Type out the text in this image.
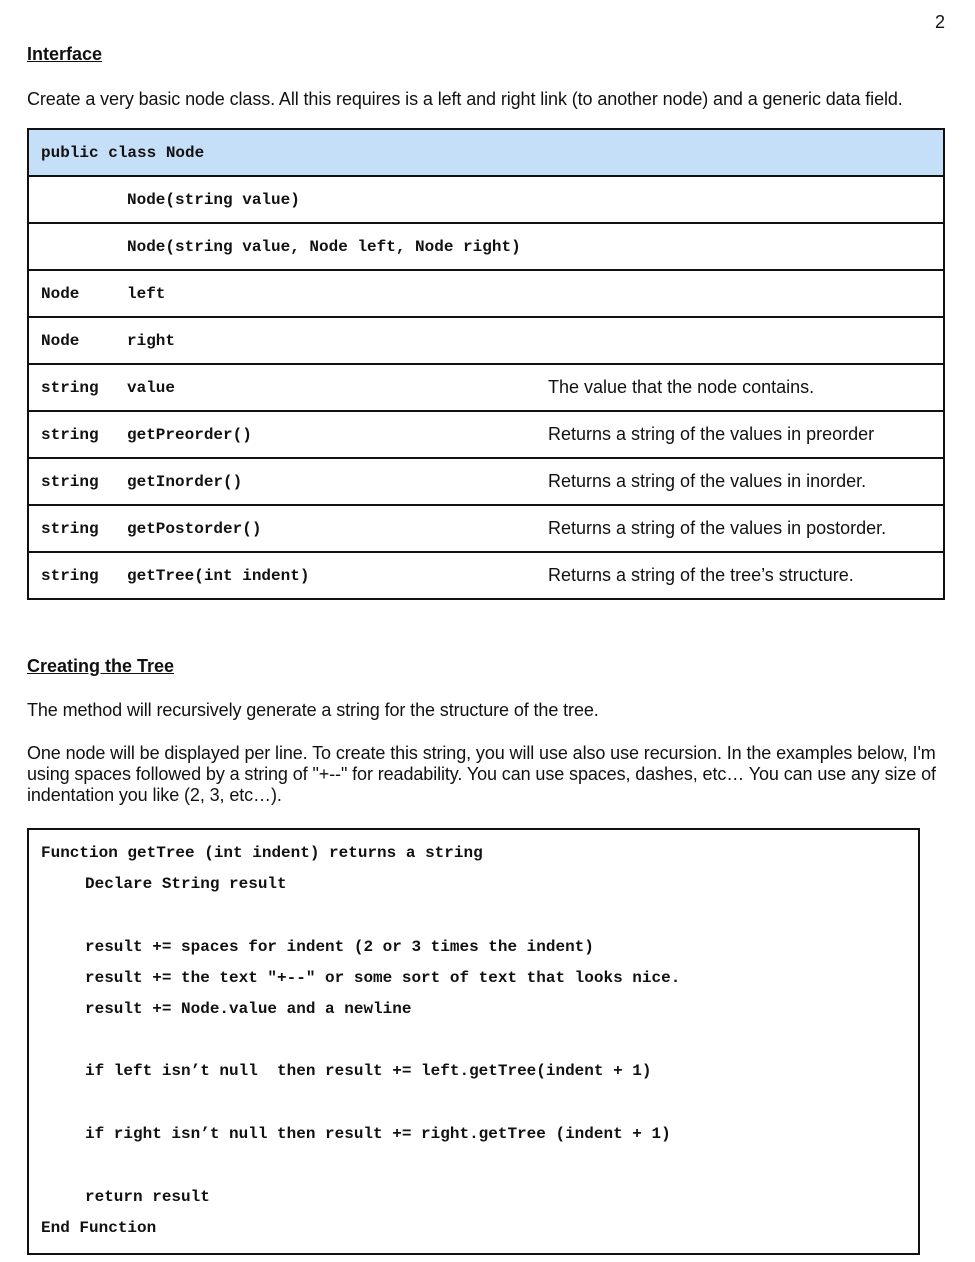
2
Interface

Create a very basic node class. All this requires is a left and right link (to another node) and a generic data field.

public class Node		
	Node(string value)	
	Node(string value, Node left, Node right)	
Node	left	
Node	right	
string	value	The value that the node contains.
string	getPreorder()	Returns a string of the values in preorder
string	getInorder()	Returns a string of the values in inorder.
string	getPostorder()	Returns a string of the values in postorder.
string	getTree(int indent)	Returns a string of the tree’s structure.
Creating the Tree

The method will recursively generate a string for the structure of the tree.

One node will be displayed per line. To create this string, you will use also use recursion. In the examples below, I'm using spaces followed by a string of "+--" for readability. You can use spaces, dashes, etc… You can use any size of indentation you like (2, 3, etc…).

Function getTree (int indent) returns a string
Declare String result
result += spaces for indent (2 or 3 times the indent)
result += the text "+--" or some sort of text that looks nice.
result += Node.value and a newline
if left isn’t null  then result += left.getTree(indent + 1)
if right isn’t null then result += right.getTree (indent + 1)
return result
End Function
